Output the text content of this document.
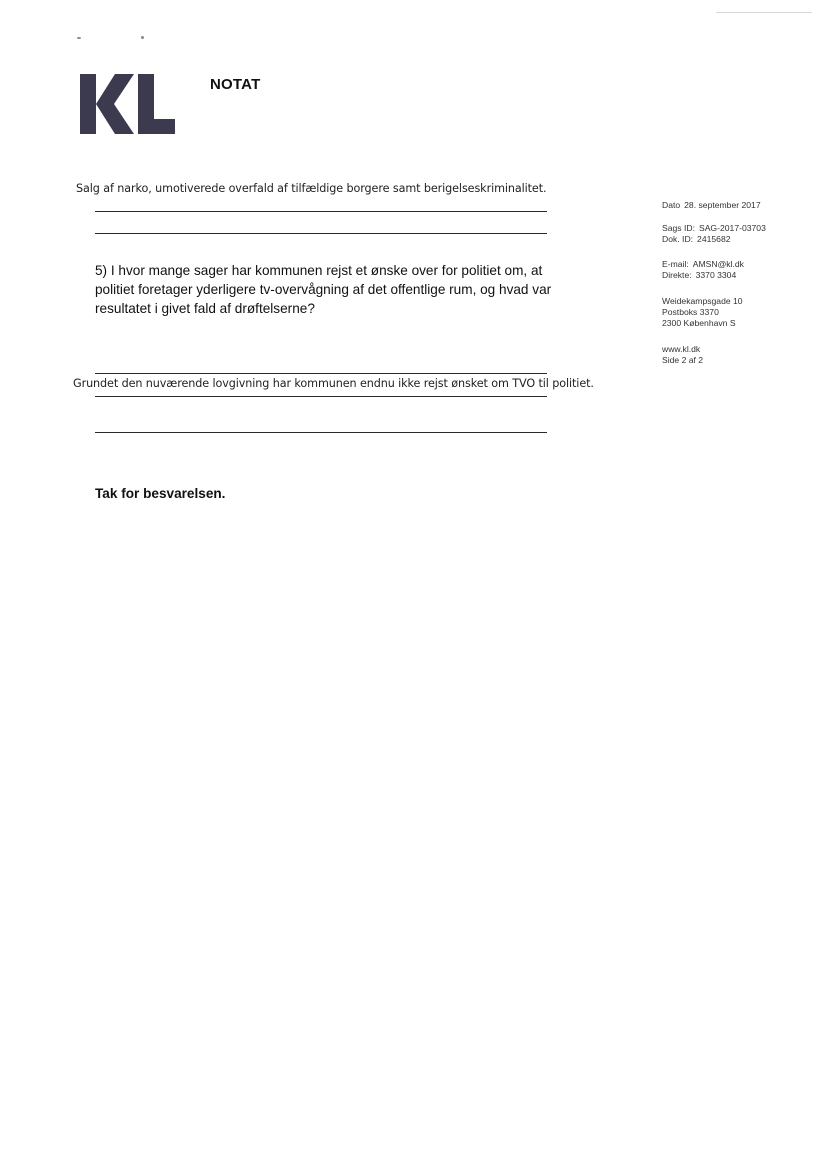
NOTAT
Salg af narko, umotiverede overfald af tilfældige borgere samt berigelseskriminalitet.
5) I hvor mange sager har kommunen rejst et ønske over for politiet om, at
politiet foretager yderligere tv-overvågning af det offentlige rum, og hvad var
resultatet i givet fald af drøftelserne?
Grundet den nuværende lovgivning har kommunen endnu ikke rejst ønsket om TVO til politiet.
Tak for besvarelsen.
Dato 28. september 2017
Sags ID: SAG-2017-03703
Dok. ID: 2415682
E-mail: AMSN@kl.dk
Direkte: 3370 3304
Weidekampsgade 10
Postboks 3370
2300 København S
www.kl.dk
Side 2 af 2
